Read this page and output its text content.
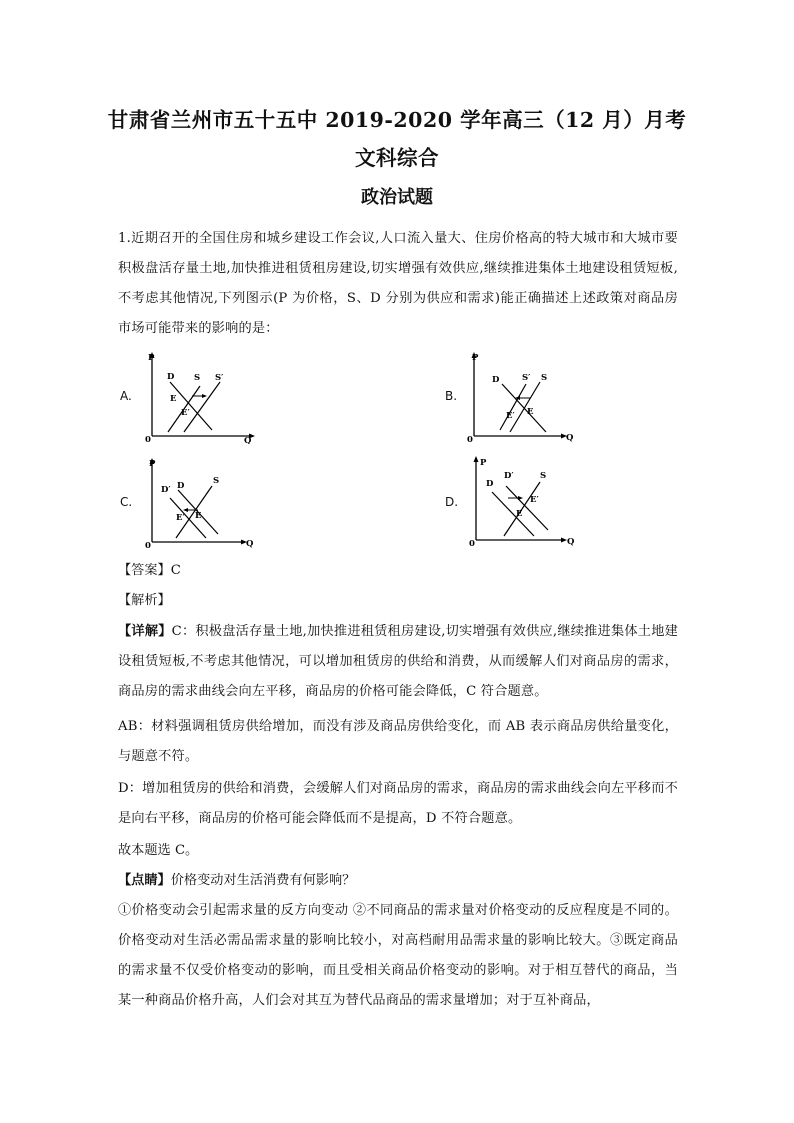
甘肃省兰州市五十五中 2019-2020 学年高三（12 月）月考文科综合
政治试题

1.近期召开的全国住房和城乡建设工作会议,人口流入量大、住房价格高的特大城市和大城市要积极盘活存量土地,加快推进租赁租房建设,切实增强有效供应,继续推进集体土地建设租赁短板,不考虑其他情况,下列图示(P 为价格，S、D 分别为供应和需求)能正确描述上述政策对商品房市场可能带来的影响的是：

A.
P
Q
0
D S S′
E
E′
B.
P
Q
0
D	S′ S
E′ E
C.
P
Q
0
D′ D	S
E′ E
D.
P
Q
0
D
D′	S
E′
E

【答案】C

【解析】

【详解】C：积极盘活存量土地,加快推进租赁租房建设,切实增强有效供应,继续推进集体土地建设租赁短板,不考虑其他情况，可以增加租赁房的供给和消费，从而缓解人们对商品房的需求，商品房的需求曲线会向左平移，商品房的价格可能会降低，C 符合题意。

AB：材料强调租赁房供给增加，而没有涉及商品房供给变化，而 AB 表示商品房供给量变化，与题意不符。

D：增加租赁房的供给和消费，会缓解人们对商品房的需求，商品房的需求曲线会向左平移而不是向右平移，商品房的价格可能会降低而不是提高，D 不符合题意。

故本题选 C。

【点睛】价格变动对生活消费有何影响？

①价格变动会引起需求量的反方向变动 ②不同商品的需求量对价格变动的反应程度是不同的。价格变动对生活必需品需求量的影响比较小，对高档耐用品需求量的影响比较大。③既定商品的需求量不仅受价格变动的影响，而且受相关商品价格变动的影响。对于相互替代的商品，当某一种商品价格升高，人们会对其互为替代品商品的需求量增加；对于互补商品，
